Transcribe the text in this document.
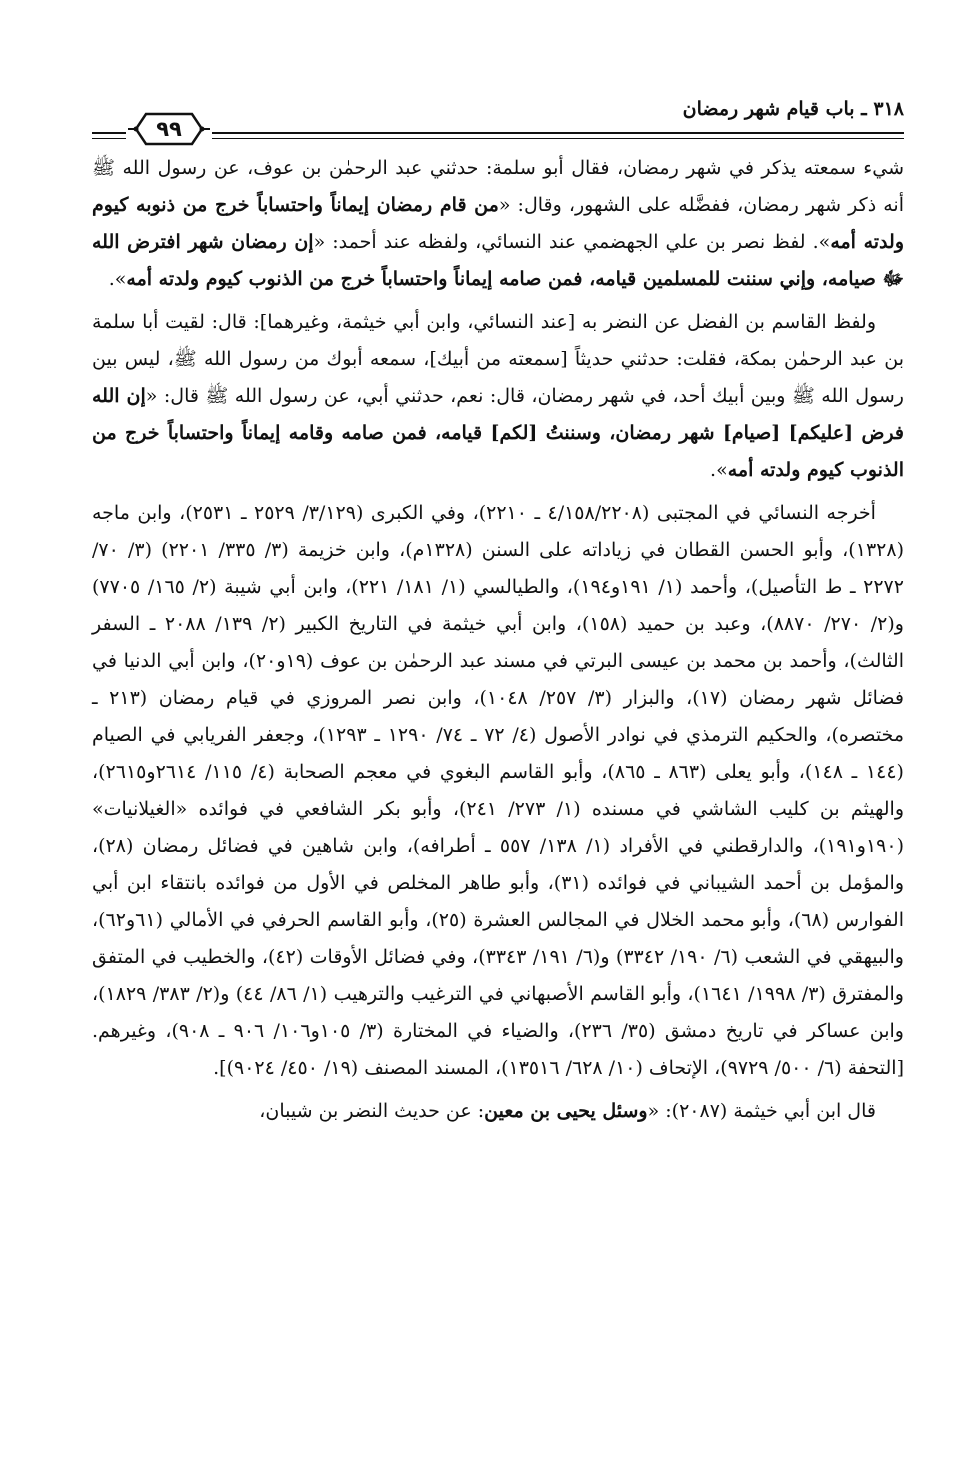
٣١٨ ـ باب قيام شهر رمضان
٩٩

شيء سمعته يذكر في شهر رمضان، فقال أبو سلمة: حدثني عبد الرحمٰن بن عوف، عن رسول الله ﷺ أنه ذكر شهر رمضان، ففضَّله على الشهور، وقال: «من قام رمضان إيماناً واحتساباً خرج من ذنوبه كيوم ولدته أمه». لفظ نصر بن علي الجهضمي عند النسائي، ولفظه عند أحمد: «إن رمضان شهر افترض الله ﷻ صيامه، وإني سننت للمسلمين قيامه، فمن صامه إيماناً واحتساباً خرج من الذنوب كيوم ولدته أمه».

ولفظ القاسم بن الفضل عن النضر به [عند النسائي، وابن أبي خيثمة، وغيرهما]: قال: لقيت أبا سلمة بن عبد الرحمٰن بمكة، فقلت: حدثني حديثاً [سمعته من أبيك]، سمعه أبوك من رسول الله ﷺ، ليس بين رسول الله ﷺ وبين أبيك أحد، في شهر رمضان، قال: نعم، حدثني أبي، عن رسول الله ﷺ قال: «إن الله فرض [عليكم] [صيام] شهر رمضان، وسننتُ [لكم] قيامه، فمن صامه وقامه إيماناً واحتساباً خرج من الذنوب كيوم ولدته أمه».

أخرجه النسائي في المجتبى (٤/١٥٨/٢٢٠٨ ـ ٢٢١٠)، وفي الكبرى (٣/١٢٩/ ٢٥٢٩ ـ ٢٥٣١)، وابن ماجه (١٣٢٨)، وأبو الحسن القطان في زياداته على السنن (١٣٢٨م)، وابن خزيمة (٣/ ٣٣٥/ ٢٢٠١) (٣/ ٧٠/ ٢٢٧٢ ـ ط التأصيل)، وأحمد (١/ ١٩١و١٩٤)، والطيالسي (١/ ١٨١/ ٢٢١)، وابن أبي شيبة (٢/ ١٦٥/ ٧٧٠٥) و(٢/ ٢٧٠/ ٨٨٧٠)، وعبد بن حميد (١٥٨)، وابن أبي خيثمة في التاريخ الكبير (٢/ ١٣٩/ ٢٠٨٨ ـ السفر الثالث)، وأحمد بن محمد بن عيسى البرتي في مسند عبد الرحمٰن بن عوف (١٩و٢٠)، وابن أبي الدنيا في فضائل شهر رمضان (١٧)، والبزار (٣/ ٢٥٧/ ١٠٤٨)، وابن نصر المروزي في قيام رمضان (٢١٣ ـ مختصره)، والحكيم الترمذي في نوادر الأصول (٤/ ٧٢ ـ ٧٤/ ١٢٩٠ ـ ١٢٩٣)، وجعفر الفريابي في الصيام (١٤٤ ـ ١٤٨)، وأبو يعلى (٨٦٣ ـ ٨٦٥)، وأبو القاسم البغوي في معجم الصحابة (٤/ ١١٥/ ٢٦١٤و٢٦١٥)، والهيثم بن كليب الشاشي في مسنده (١/ ٢٧٣/ ٢٤١)، وأبو بكر الشافعي في فوائده «الغيلانيات» (١٩٠و١٩١)، والدارقطني في الأفراد (١/ ١٣٨/ ٥٥٧ ـ أطرافه)، وابن شاهين في فضائل رمضان (٢٨)، والمؤمل بن أحمد الشيباني في فوائده (٣١)، وأبو طاهر المخلص في الأول من فوائده بانتقاء ابن أبي الفوارس (٦٨)، وأبو محمد الخلال في المجالس العشرة (٢٥)، وأبو القاسم الحرفي في الأمالي (٦١و٦٢)، والبيهقي في الشعب (٦/ ١٩٠/ ٣٣٤٢) و(٦/ ١٩١/ ٣٣٤٣)، وفي فضائل الأوقات (٤٢)، والخطيب في المتفق والمفترق (٣/ ١٩٩٨/ ١٦٤١)، وأبو القاسم الأصبهاني في الترغيب والترهيب (١/ ٨٦/ ٤٤) و(٢/ ٣٨٣/ ١٨٢٩)، وابن عساكر في تاريخ دمشق (٣٥/ ٢٣٦)، والضياء في المختارة (٣/ ١٠٥و١٠٦/ ٩٠٦ ـ ٩٠٨)، وغيرهم. [التحفة (٦/ ٥٠٠/ ٩٧٢٩)، الإتحاف (١٠/ ٦٢٨/ ١٣٥١٦)، المسند المصنف (١٩/ ٤٥٠/ ٩٠٢٤)].

قال ابن أبي خيثمة (٢٠٨٧): «وسئل يحيى بن معين: عن حديث النضر بن شيبان،
